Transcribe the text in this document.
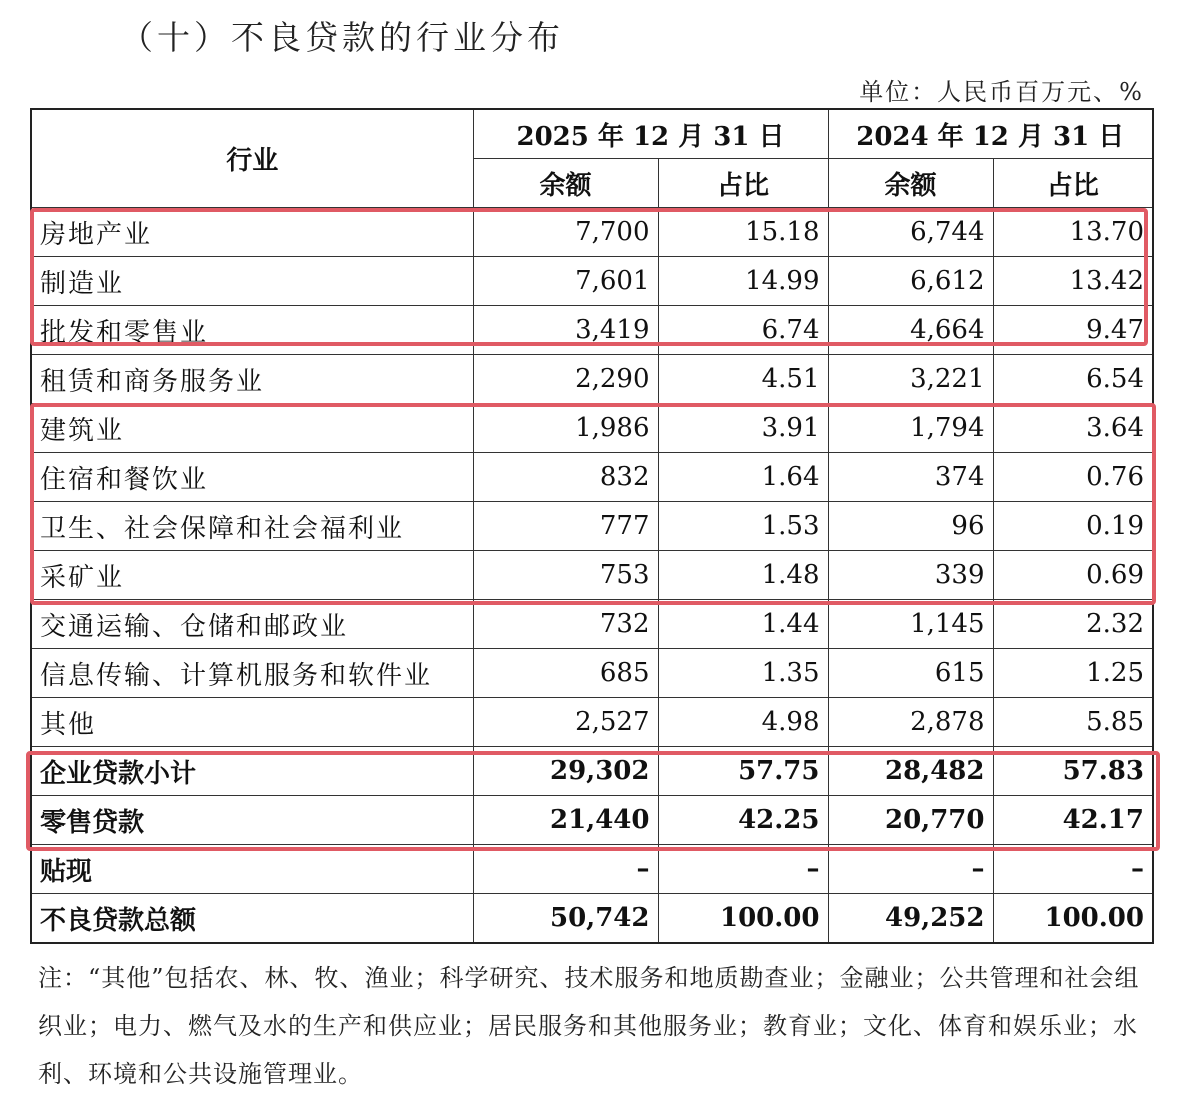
（十）不良贷款的行业分布
单位：人民币百万元、%
行业	2025 年 12 月 31 日		2024 年 12 月 31 日	
	余额	占比	余额	占比
房地产业	7,700	15.18	6,744	13.70
制造业	7,601	14.99	6,612	13.42
批发和零售业	3,419	6.74	4,664	9.47
租赁和商务服务业	2,290	4.51	3,221	6.54
建筑业	1,986	3.91	1,794	3.64
住宿和餐饮业	832	1.64	374	0.76
卫生、社会保障和社会福利业	777	1.53	96	0.19
采矿业	753	1.48	339	0.69
交通运输、仓储和邮政业	732	1.44	1,145	2.32
信息传输、计算机服务和软件业	685	1.35	615	1.25
其他	2,527	4.98	2,878	5.85
企业贷款小计	29,302	57.75	28,482	57.83
零售贷款	21,440	42.25	20,770	42.17
贴现	–	–	–	–
不良贷款总额	50,742	100.00	49,252	100.00
注：“其他”包括农、林、牧、渔业；科学研究、技术服务和地质勘查业；金融业；公共管理和社会组织业；电力、燃气及水的生产和供应业；居民服务和其他服务业；教育业；文化、体育和娱乐业；水利、环境和公共设施管理业。
